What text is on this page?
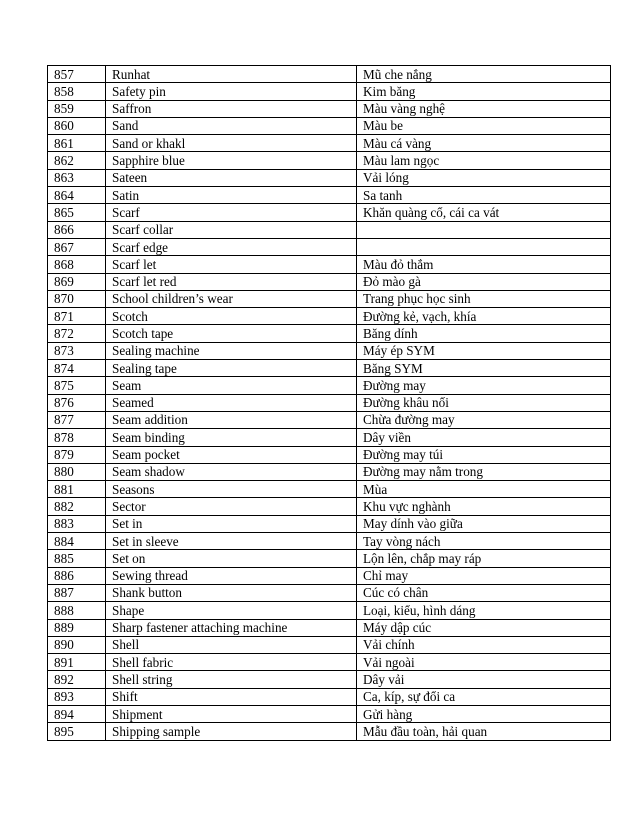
857	Runhat	Mũ che nắng
858	Safety pin	Kim băng
859	Saffron	Màu vàng nghệ
860	Sand	Màu be
861	Sand or khakl	Màu cá vàng
862	Sapphire blue	Màu lam ngọc
863	Sateen	Vải lóng
864	Satin	Sa tanh
865	Scarf	Khăn quàng cổ, cái ca vát
866	Scarf collar	
867	Scarf edge	
868	Scarf let	Màu đỏ thắm
869	Scarf let red	Đỏ mào gà
870	School children’s wear	Trang phục học sinh
871	Scotch	Đường kẻ, vạch, khía
872	Scotch tape	Băng dính
873	Sealing machine	Máy ép SYM
874	Sealing tape	Băng SYM
875	Seam	Đường may
876	Seamed	Đường khâu nối
877	Seam addition	Chừa đường may
878	Seam binding	Dây viền
879	Seam pocket	Đường may túi
880	Seam shadow	Đường may nằm trong
881	Seasons	Mùa
882	Sector	Khu vực nghành
883	Set in	May dính vào giữa
884	Set in sleeve	Tay vòng nách
885	Set on	Lộn lên, chắp may ráp
886	Sewing thread	Chỉ may
887	Shank button	Cúc có chân
888	Shape	Loại, kiểu, hình dáng
889	Sharp fastener attaching machine	Máy dập cúc
890	Shell	Vải chính
891	Shell fabric	Vải ngoài
892	Shell string	Dây vải
893	Shift	Ca, kíp, sự đổi ca
894	Shipment	Gửi hàng
895	Shipping sample	Mẫu đầu toàn, hải quan
